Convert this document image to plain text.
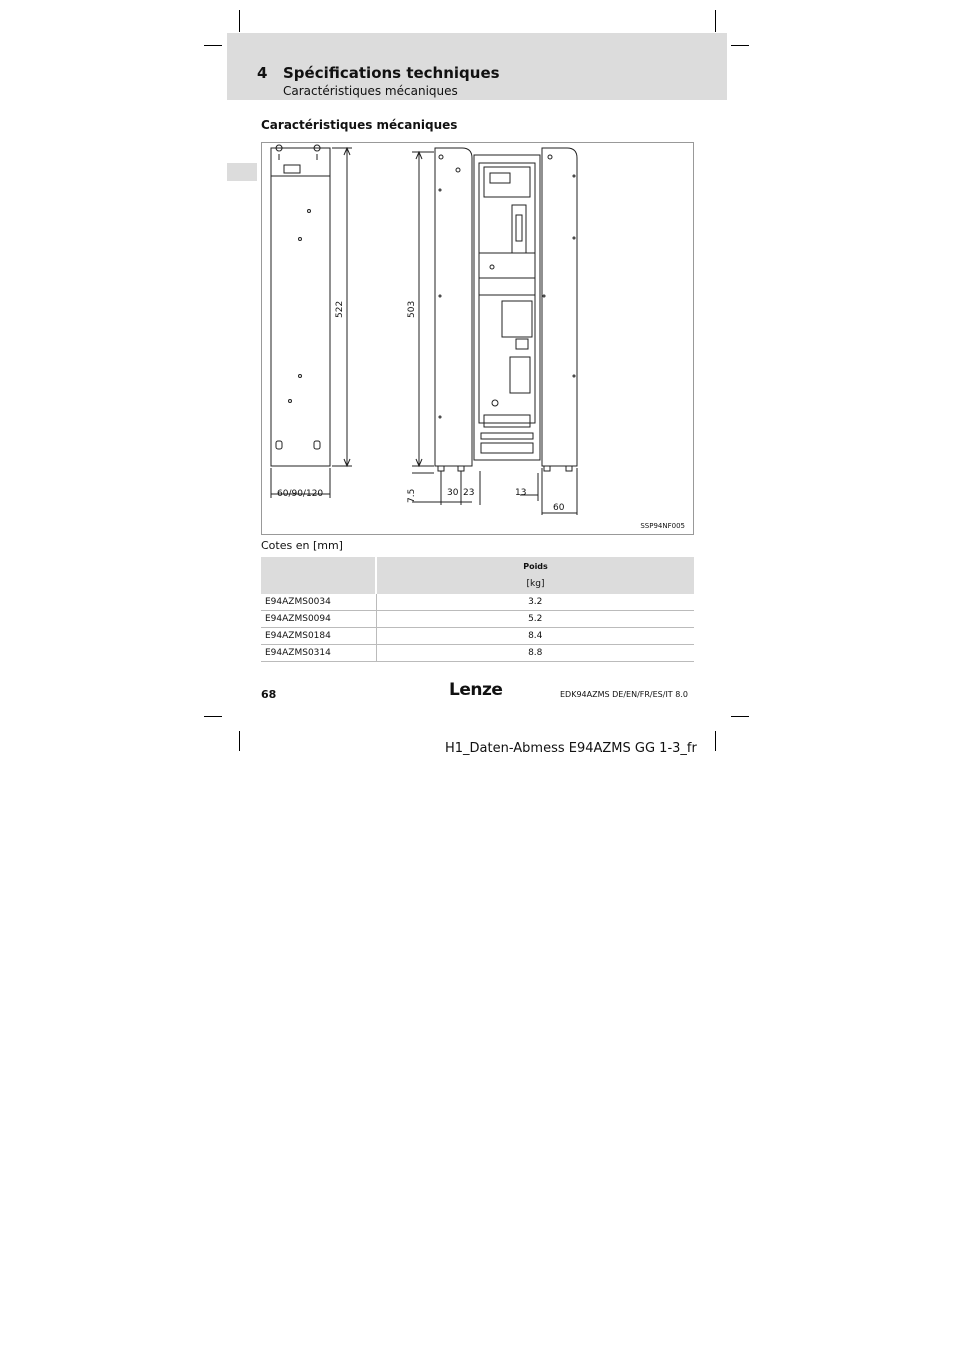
4 Spécifications techniques
Caractéristiques mécaniques
Caractéristiques mécaniques
522	503
60/90/120	7.5	30 23	13
60
SSP94NF005
Cotes en [mm]

	Poids
[kg]
E94AZMS0034	3.2
E94AZMS0094	5.2
E94AZMS0184	8.4
E94AZMS0314	8.8
68	Lenze	EDK94AZMS DE/EN/FR/ES/IT 8.0
H1_Daten-Abmess E94AZMS GG 1-3_fr
